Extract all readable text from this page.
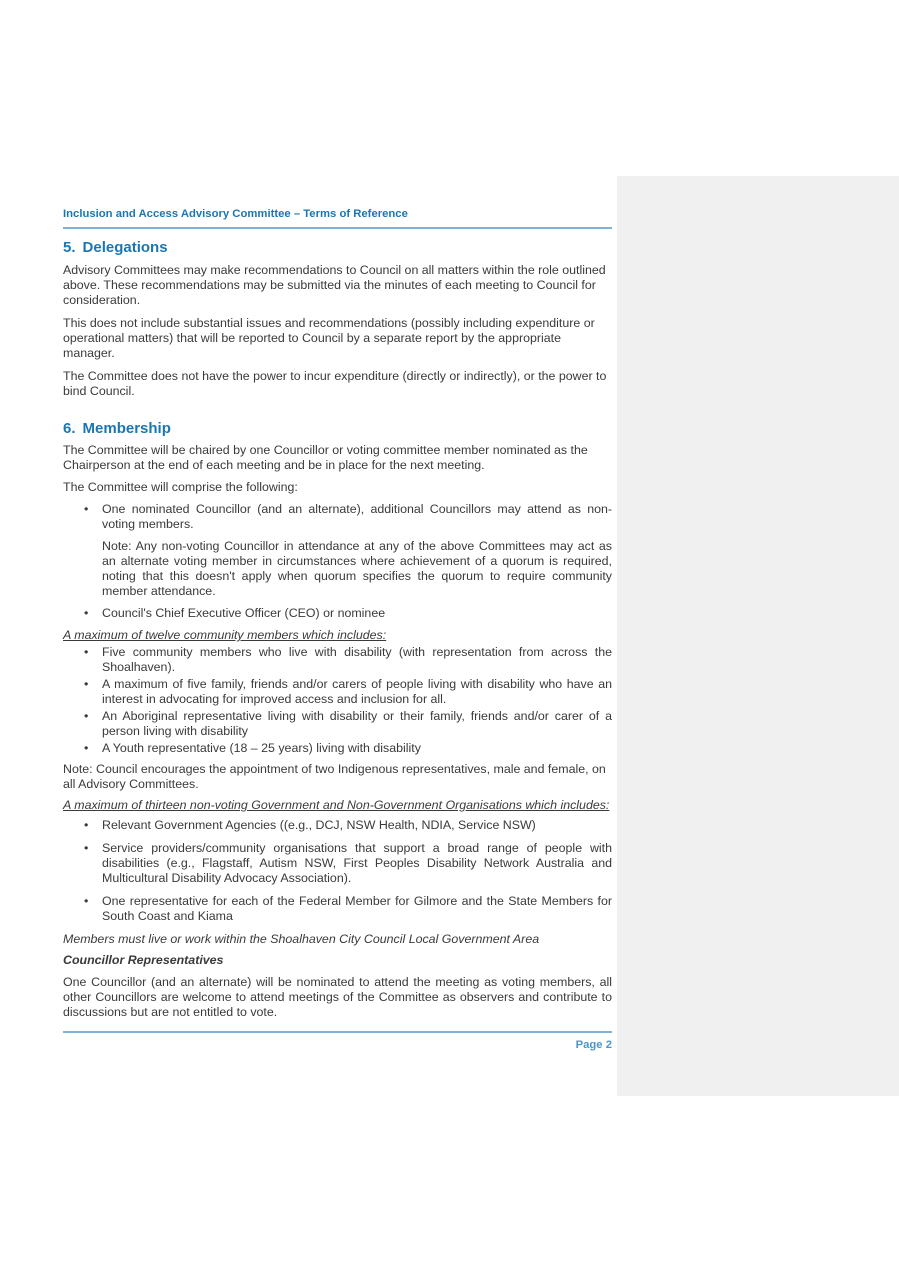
Inclusion and Access Advisory Committee – Terms of Reference
5. Delegations
Advisory Committees may make recommendations to Council on all matters within the role outlined above. These recommendations may be submitted via the minutes of each meeting to Council for consideration.
This does not include substantial issues and recommendations (possibly including expenditure or operational matters) that will be reported to Council by a separate report by the appropriate manager.
The Committee does not have the power to incur expenditure (directly or indirectly), or the power to bind Council.
6. Membership
The Committee will be chaired by one Councillor or voting committee member nominated as the Chairperson at the end of each meeting and be in place for the next meeting.
The Committee will comprise the following:
• One nominated Councillor (and an alternate), additional Councillors may attend as non-voting members.
Note: Any non-voting Councillor in attendance at any of the above Committees may act as an alternate voting member in circumstances where achievement of a quorum is required, noting that this doesn't apply when quorum specifies the quorum to require community member attendance.
• Council's Chief Executive Officer (CEO) or nominee
A maximum of twelve community members which includes:
• Five community members who live with disability (with representation from across the Shoalhaven).
• A maximum of five family, friends and/or carers of people living with disability who have an interest in advocating for improved access and inclusion for all.
• An Aboriginal representative living with disability or their family, friends and/or carer of a person living with disability
• A Youth representative (18 – 25 years) living with disability
Note: Council encourages the appointment of two Indigenous representatives, male and female, on all Advisory Committees.
A maximum of thirteen non-voting Government and Non-Government Organisations which includes:
• Relevant Government Agencies ((e.g., DCJ, NSW Health, NDIA, Service NSW)
• Service providers/community organisations that support a broad range of people with disabilities (e.g., Flagstaff, Autism NSW, First Peoples Disability Network Australia and Multicultural Disability Advocacy Association).
• One representative for each of the Federal Member for Gilmore and the State Members for South Coast and Kiama
Members must live or work within the Shoalhaven City Council Local Government Area
Councillor Representatives
One Councillor (and an alternate) will be nominated to attend the meeting as voting members, all other Councillors are welcome to attend meetings of the Committee as observers and contribute to discussions but are not entitled to vote.
Page 2
